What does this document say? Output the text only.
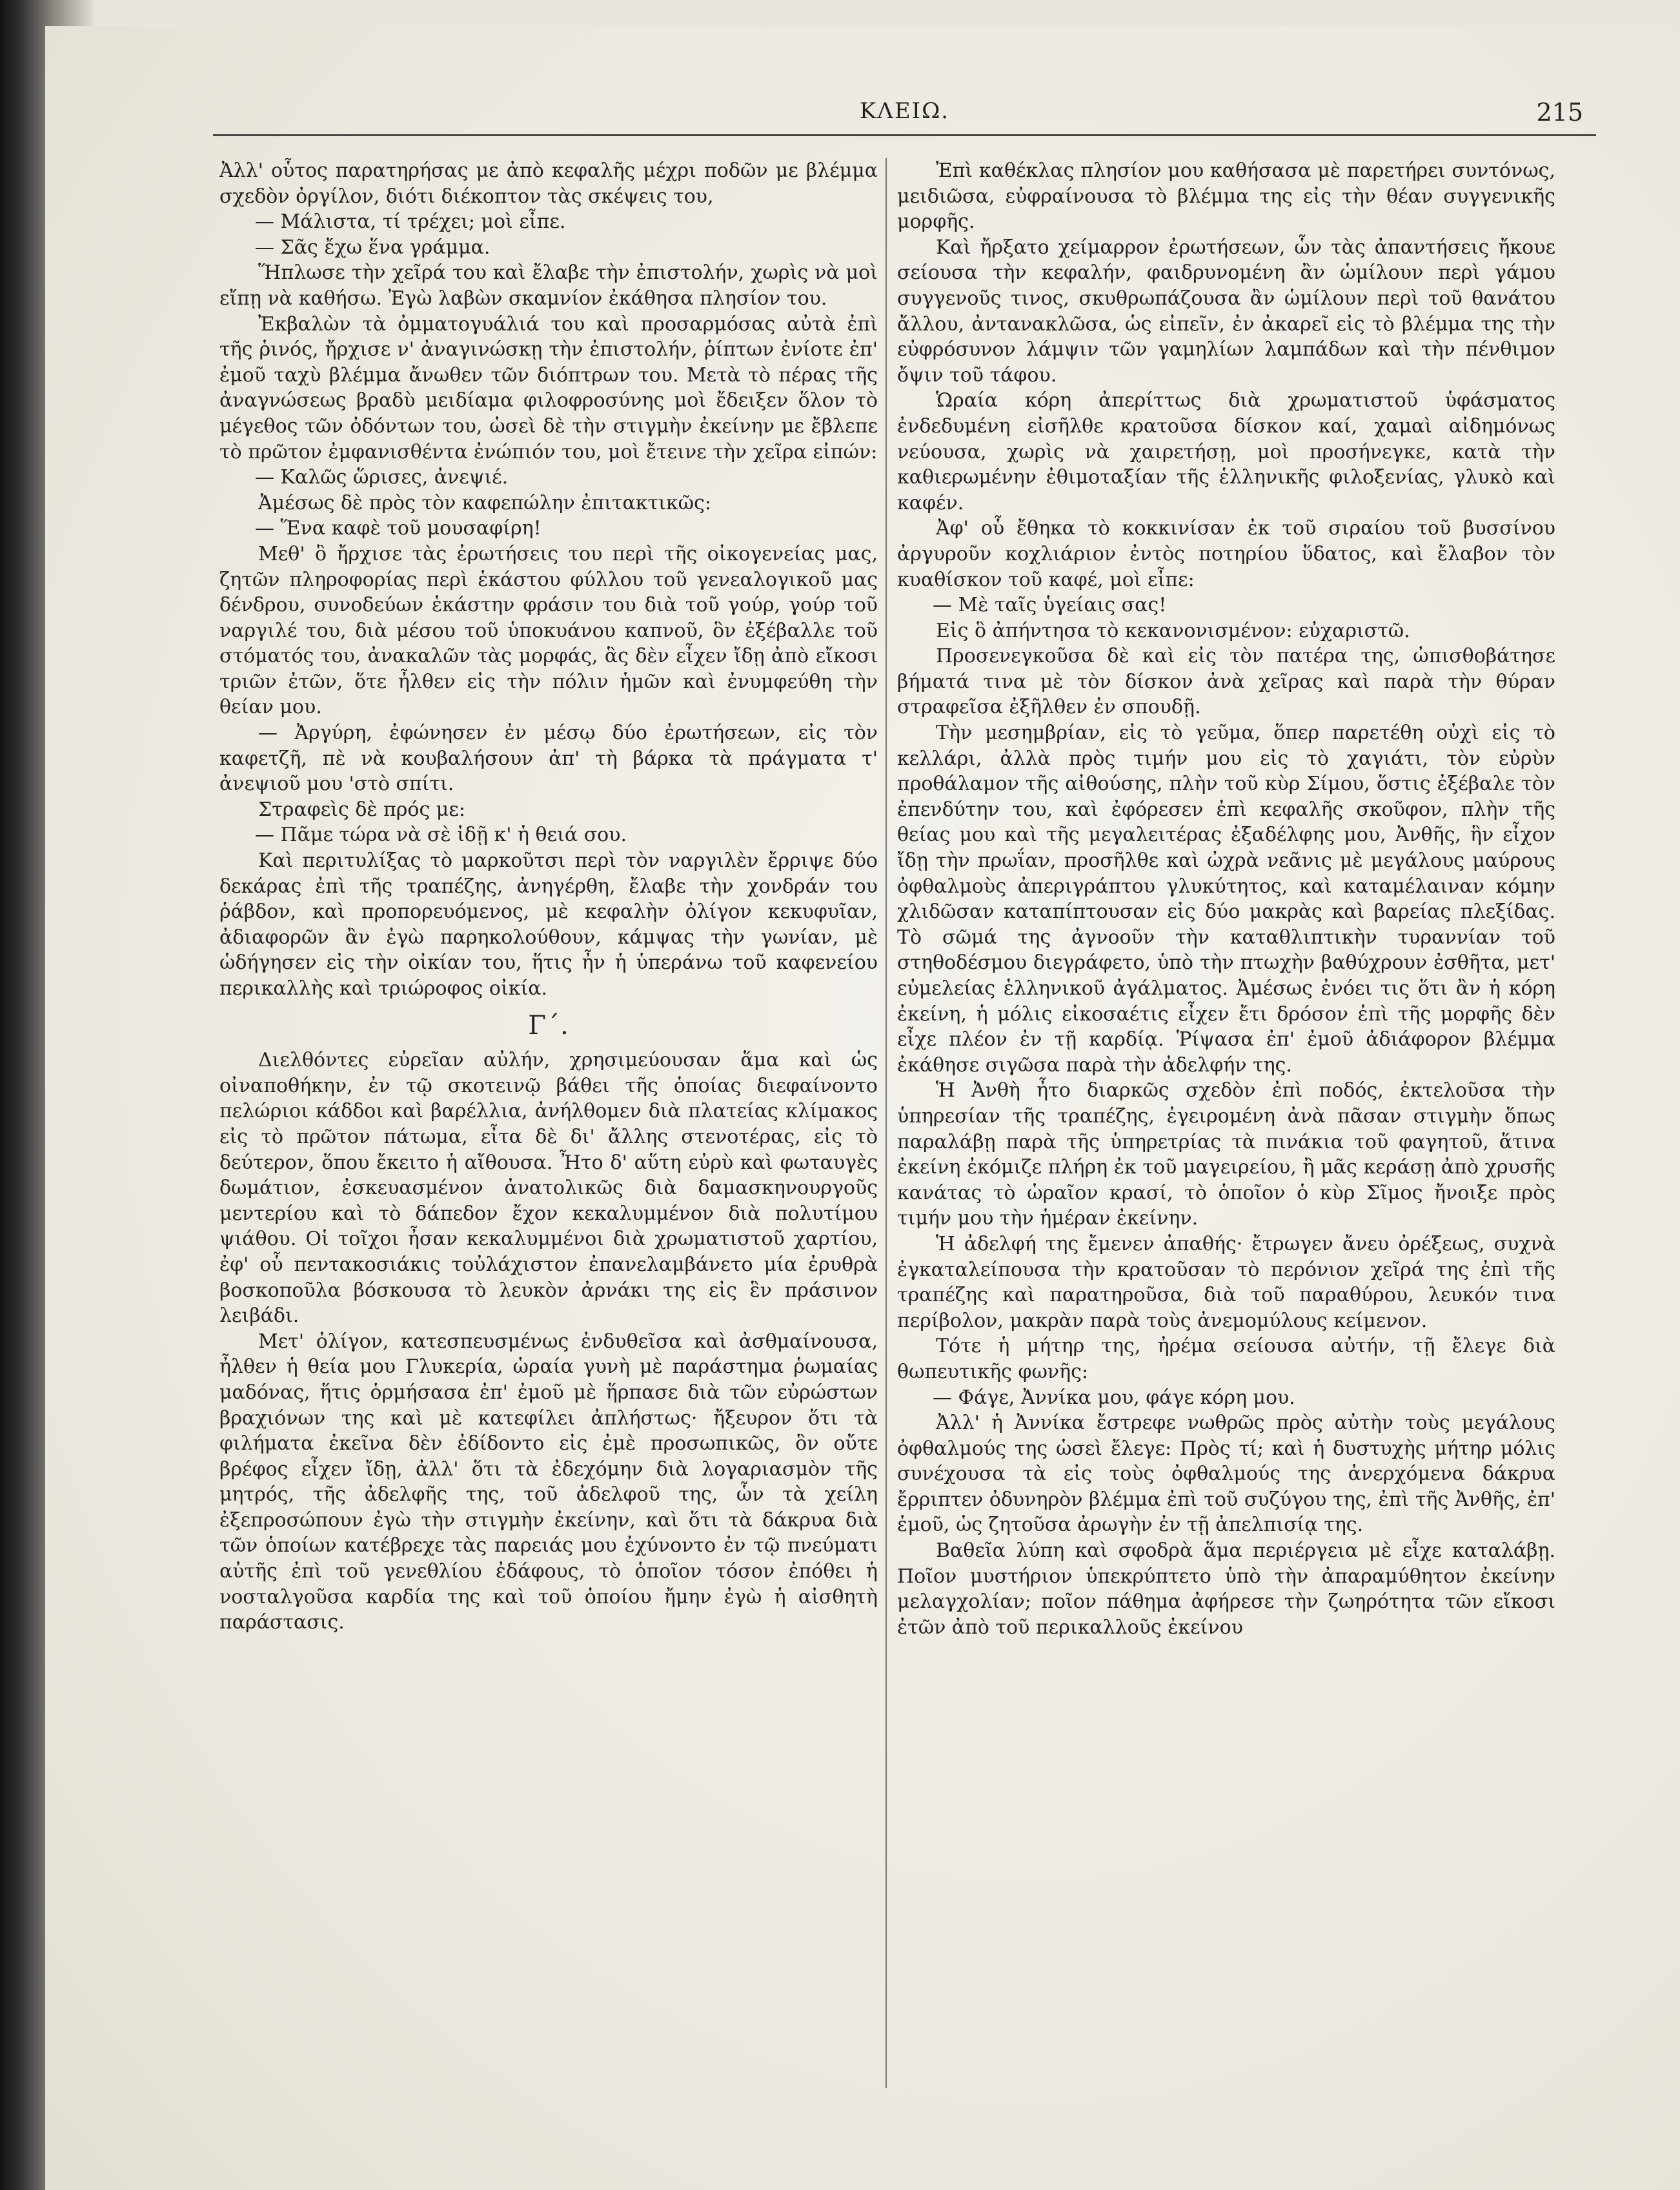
ΚΛΕΙΩ.	215

Ἀλλ' οὗτος παρατηρήσας με ἀπὸ κεφαλῆς μέχρι ποδῶν με βλέμμα σχεδὸν ὀργίλον, διότι διέκοπτον τὰς σκέψεις του,

— Μάλιστα, τί τρέχει; μοὶ εἶπε.

— Σᾶς ἔχω ἕνα γράμμα.

Ἥπλωσε τὴν χεῖρά του καὶ ἔλαβε τὴν ἐπιστολήν, χωρὶς νὰ μοὶ εἴπῃ νὰ καθήσω. Ἐγὼ λαβὼν σκαμνίον ἐκάθησα πλησίον του.

Ἐκβαλὼν τὰ ὀμματογυάλιά του καὶ προσαρμόσας αὐτὰ ἐπὶ τῆς ῥινός, ἤρχισε ν' ἀναγινώσκῃ τὴν ἐπιστολήν, ῥίπτων ἐνίοτε ἐπ' ἐμοῦ ταχὺ βλέμμα ἄνωθεν τῶν διόπτρων του. Μετὰ τὸ πέρας τῆς ἀναγνώσεως βραδὺ μειδίαμα φιλοφροσύνης μοὶ ἔδειξεν ὅλον τὸ μέγεθος τῶν ὀδόντων του, ὡσεὶ δὲ τὴν στιγμὴν ἐκείνην με ἔβλεπε τὸ πρῶτον ἐμφανισθέντα ἐνώπιόν του, μοὶ ἔτεινε τὴν χεῖρα εἰπών:

— Καλῶς ὥρισες, ἀνεψιέ.

Ἀμέσως δὲ πρὸς τὸν καφεπώλην ἐπιτακτικῶς:

— Ἕνα καφὲ τοῦ μουσαφίρη!

Μεθ' ὃ ἤρχισε τὰς ἐρωτήσεις του περὶ τῆς οἰκογενείας μας, ζητῶν πληροφορίας περὶ ἑκάστου φύλλου τοῦ γενεαλογικοῦ μας δένδρου, συνοδεύων ἑκάστην φράσιν του διὰ τοῦ γούρ, γούρ τοῦ ναργιλέ του, διὰ μέσου τοῦ ὑποκυάνου καπνοῦ, ὃν ἐξέβαλλε τοῦ στόματός του, ἀνακαλῶν τὰς μορφάς, ἃς δὲν εἶχεν ἴδῃ ἀπὸ εἴκοσι τριῶν ἐτῶν, ὅτε ἦλθεν εἰς τὴν πόλιν ἡμῶν καὶ ἐνυμφεύθη τὴν θείαν μου.

— Ἀργύρη, ἐφώνησεν ἐν μέσῳ δύο ἐρωτήσεων, εἰς τὸν καφετζῆ, πὲ νὰ κουβαλήσουν ἀπ' τὴ βάρκα τὰ πράγματα τ' ἀνεψιοῦ μου 'στὸ σπίτι.

Στραφεὶς δὲ πρός με:

— Πᾶμε τώρα νὰ σὲ ἰδῇ κ' ἡ θειά σου.

Καὶ περιτυλίξας τὸ μαρκοῦτσι περὶ τὸν ναργιλὲν ἔρριψε δύο δεκάρας ἐπὶ τῆς τραπέζης, ἀνηγέρθη, ἔλαβε τὴν χονδράν του ῥάβδον, καὶ προπορευόμενος, μὲ κεφαλὴν ὀλίγον κεκυφυῖαν, ἀδιαφορῶν ἂν ἐγὼ παρηκολούθουν, κάμψας τὴν γωνίαν, μὲ ὡδήγησεν εἰς τὴν οἰκίαν του, ἥτις ἦν ἡ ὑπεράνω τοῦ καφενείου περικαλλὴς καὶ τριώροφος οἰκία.

Γ΄.

Διελθόντες εὐρεῖαν αὐλήν, χρησιμεύουσαν ἅμα καὶ ὡς οἰναποθήκην, ἐν τῷ σκοτεινῷ βάθει τῆς ὁποίας διεφαίνοντο πελώριοι κάδδοι καὶ βαρέλλια, ἀνήλθομεν διὰ πλατείας κλίμακος εἰς τὸ πρῶτον πάτωμα, εἶτα δὲ δι' ἄλλης στενοτέρας, εἰς τὸ δεύτερον, ὅπου ἔκειτο ἡ αἴθουσα. Ἦτο δ' αὕτη εὐρὺ καὶ φωταυγὲς δωμάτιον, ἐσκευασμένον ἀνατολικῶς διὰ δαμασκηνουργοῦς μεντερίου καὶ τὸ δάπεδον ἔχον κεκαλυμμένον διὰ πολυτίμου ψιάθου. Οἱ τοῖχοι ἦσαν κεκαλυμμένοι διὰ χρωματιστοῦ χαρτίου, ἐφ' οὗ πεντακοσιάκις τοὐλάχιστον ἐπανελαμβάνετο μία ἐρυθρὰ βοσκοποῦλα βόσκουσα τὸ λευκὸν ἀρνάκι της εἰς ἓν πράσινον λειβάδι.

Μετ' ὀλίγον, κατεσπευσμένως ἐνδυθεῖσα καὶ ἀσθμαίνουσα, ἦλθεν ἡ θεία μου Γλυκερία, ὡραία γυνὴ μὲ παράστημα ῥωμαίας μαδόνας, ἥτις ὁρμήσασα ἐπ' ἐμοῦ μὲ ἥρπασε διὰ τῶν εὐρώστων βραχιόνων της καὶ μὲ κατεφίλει ἀπλήστως· ἤξευρον ὅτι τὰ φιλήματα ἐκεῖνα δὲν ἐδίδοντο εἰς ἐμὲ προσωπικῶς, ὃν οὔτε βρέφος εἶχεν ἴδῃ, ἀλλ' ὅτι τὰ ἐδεχόμην διὰ λογαριασμὸν τῆς μητρός, τῆς ἀδελφῆς της, τοῦ ἀδελφοῦ της, ὧν τὰ χείλη ἐξεπροσώπουν ἐγὼ τὴν στιγμὴν ἐκείνην, καὶ ὅτι τὰ δάκρυα διὰ τῶν ὁποίων κατέβρεχε τὰς παρειάς μου ἐχύνοντο ἐν τῷ πνεύματι αὐτῆς ἐπὶ τοῦ γενεθλίου ἐδάφους, τὸ ὁποῖον τόσον ἐπόθει ἡ νοσταλγοῦσα καρδία της καὶ τοῦ ὁποίου ἤμην ἐγὼ ἡ αἰσθητὴ παράστασις.

Ἐπὶ καθέκλας πλησίον μου καθήσασα μὲ παρετήρει συντόνως, μειδιῶσα, εὐφραίνουσα τὸ βλέμμα της εἰς τὴν θέαν συγγενικῆς μορφῆς.

Καὶ ἤρξατο χείμαρρον ἐρωτήσεων, ὧν τὰς ἀπαντήσεις ἤκουε σείουσα τὴν κεφαλήν, φαιδρυνομένη ἂν ὡμίλουν περὶ γάμου συγγενοῦς τινος, σκυθρωπάζουσα ἂν ὡμίλουν περὶ τοῦ θανάτου ἄλλου, ἀντανακλῶσα, ὡς εἰπεῖν, ἐν ἀκαρεῖ εἰς τὸ βλέμμα της τὴν εὐφρόσυνον λάμψιν τῶν γαμηλίων λαμπάδων καὶ τὴν πένθιμον ὄψιν τοῦ τάφου.

Ὡραία κόρη ἀπερίττως διὰ χρωματιστοῦ ὑφάσματος ἐνδεδυμένη εἰσῆλθε κρατοῦσα δίσκον καί, χαμαὶ αἰδημόνως νεύουσα, χωρὶς νὰ χαιρετήσῃ, μοὶ προσήνεγκε, κατὰ τὴν καθιερωμένην ἐθιμοταξίαν τῆς ἑλληνικῆς φιλοξενίας, γλυκὸ καὶ καφέν.

Ἀφ' οὗ ἔθηκα τὸ κοκκινίσαν ἐκ τοῦ σιραίου τοῦ βυσσίνου ἀργυροῦν κοχλιάριον ἐντὸς ποτηρίου ὕδατος, καὶ ἔλαβον τὸν κυαθίσκον τοῦ καφέ, μοὶ εἶπε:

— Μὲ ταῖς ὑγείαις σας!

Εἰς ὃ ἀπήντησα τὸ κεκανονισμένον: εὐχαριστῶ.

Προσενεγκοῦσα δὲ καὶ εἰς τὸν πατέρα της, ὠπισθοβάτησε βήματά τινα μὲ τὸν δίσκον ἀνὰ χεῖρας καὶ παρὰ τὴν θύραν στραφεῖσα ἐξῆλθεν ἐν σπουδῇ.

Τὴν μεσημβρίαν, εἰς τὸ γεῦμα, ὅπερ παρετέθη οὐχὶ εἰς τὸ κελλάρι, ἀλλὰ πρὸς τιμήν μου εἰς τὸ χαγιάτι, τὸν εὐρὺν προθάλαμον τῆς αἰθούσης, πλὴν τοῦ κὺρ Σίμου, ὅστις ἐξέβαλε τὸν ἐπενδύτην του, καὶ ἐφόρεσεν ἐπὶ κεφαλῆς σκοῦφον, πλὴν τῆς θείας μου καὶ τῆς μεγαλειτέρας ἐξαδέλφης μου, Ἀνθῆς, ἣν εἶχον ἴδῃ τὴν πρωΐαν, προσῆλθε καὶ ὠχρὰ νεᾶνις μὲ μεγάλους μαύρους ὀφθαλμοὺς ἀπεριγράπτου γλυκύτητος, καὶ καταμέλαιναν κόμην χλιδῶσαν καταπίπτουσαν εἰς δύο μακρὰς καὶ βαρείας πλεξίδας. Τὸ σῶμά της ἀγνοοῦν τὴν καταθλιπτικὴν τυραννίαν τοῦ στηθοδέσμου διεγράφετο, ὑπὸ τὴν πτωχὴν βαθύχρουν ἐσθῆτα, μετ' εὐμελείας ἑλληνικοῦ ἀγάλματος. Ἀμέσως ἐνόει τις ὅτι ἂν ἡ κόρη ἐκείνη, ἡ μόλις εἰκοσαέτις εἶχεν ἔτι δρόσον ἐπὶ τῆς μορφῆς δὲν εἶχε πλέον ἐν τῇ καρδίᾳ. Ῥίψασα ἐπ' ἐμοῦ ἀδιάφορον βλέμμα ἐκάθησε σιγῶσα παρὰ τὴν ἀδελφήν της.

Ἡ Ἀνθὴ ἦτο διαρκῶς σχεδὸν ἐπὶ ποδός, ἐκτελοῦσα τὴν ὑπηρεσίαν τῆς τραπέζης, ἐγειρομένη ἀνὰ πᾶσαν στιγμὴν ὅπως παραλάβῃ παρὰ τῆς ὑπηρετρίας τὰ πινάκια τοῦ φαγητοῦ, ἅτινα ἐκείνη ἐκόμιζε πλήρη ἐκ τοῦ μαγειρείου, ἢ μᾶς κεράσῃ ἀπὸ χρυσῆς κανάτας τὸ ὡραῖον κρασί, τὸ ὁποῖον ὁ κὺρ Σῖμος ἤνοιξε πρὸς τιμήν μου τὴν ἡμέραν ἐκείνην.

Ἡ ἀδελφή της ἔμενεν ἀπαθής· ἔτρωγεν ἄνευ ὀρέξεως, συχνὰ ἐγκαταλείπουσα τὴν κρατοῦσαν τὸ περόνιον χεῖρά της ἐπὶ τῆς τραπέζης καὶ παρατηροῦσα, διὰ τοῦ παραθύρου, λευκόν τινα περίβολον, μακρὰν παρὰ τοὺς ἀνεμομύλους κείμενον.

Τότε ἡ μήτηρ της, ἠρέμα σείουσα αὐτήν, τῇ ἔλεγε διὰ θωπευτικῆς φωνῆς:

— Φάγε, Ἀννίκα μου, φάγε κόρη μου.

Ἀλλ' ἡ Ἀννίκα ἔστρεφε νωθρῶς πρὸς αὐτὴν τοὺς μεγάλους ὀφθαλμούς της ὡσεὶ ἔλεγε: Πρὸς τί; καὶ ἡ δυστυχὴς μήτηρ μόλις συνέχουσα τὰ εἰς τοὺς ὀφθαλμούς της ἀνερχόμενα δάκρυα ἔρριπτεν ὀδυνηρὸν βλέμμα ἐπὶ τοῦ συζύγου της, ἐπὶ τῆς Ἀνθῆς, ἐπ' ἐμοῦ, ὡς ζητοῦσα ἀρωγὴν ἐν τῇ ἀπελπισίᾳ της.

Βαθεῖα λύπη καὶ σφοδρὰ ἅμα περιέργεια μὲ εἶχε καταλάβῃ. Ποῖον μυστήριον ὑπεκρύπτετο ὑπὸ τὴν ἀπαραμύθητον ἐκείνην μελαγχολίαν; ποῖον πάθημα ἀφήρεσε τὴν ζωηρότητα τῶν εἴκοσι ἐτῶν ἀπὸ τοῦ περικαλλοῦς ἐκείνου
